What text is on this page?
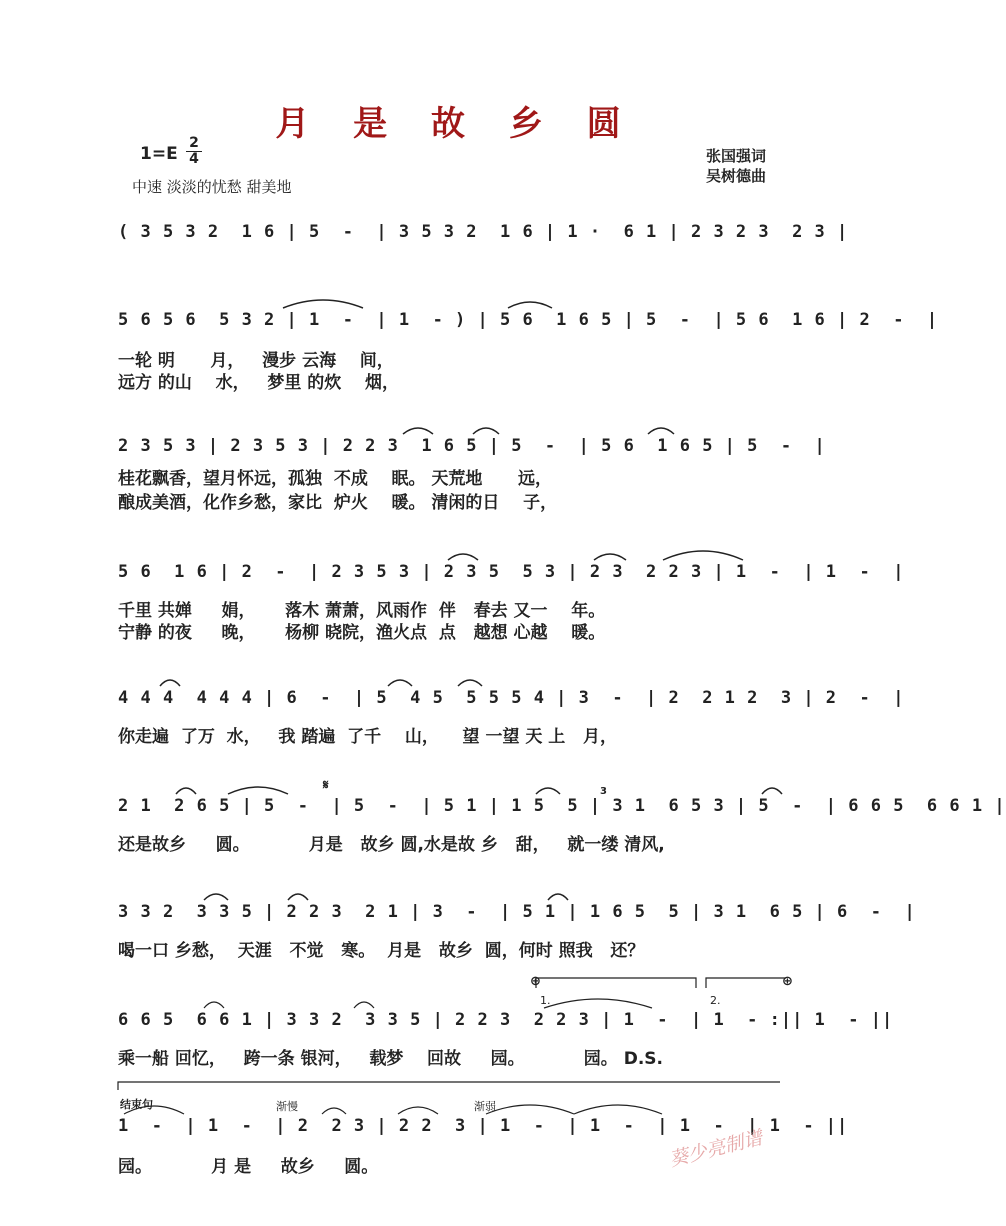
月 是 故 乡 圆
1=E
2
4
中速 淡淡的忧愁 甜美地
张国强词
吴树德曲
( 3 5 3 2  1 6 | 5  -  | 3 5 3 2  1 6 | 1 ·  6 1 | 2 3 2 3  2 3 |
5 6 5 6  5 3 2 | 1  -  | 1  - ) | 5 6  1 6 5 | 5  -  | 5 6  1 6 | 2  -  |
一轮 明      月，   漫步 云海    间，
远方 的山    水，   梦里 的炊    烟，
2 3 5 3 | 2 3 5 3 | 2 2 3  1 6 5 | 5  -  | 5 6  1 6 5 | 5  -  |
桂花飘香，望月怀远，孤独  不成    眠。 天荒地      远，
酿成美酒，化作乡愁，家比  炉火    暖。 清闲的日    子，
5 6  1 6 | 2  -  | 2 3 5 3 | 2 3 5  5 3 | 2 3  2 2 3 | 1  -  | 1  -  |
千里 共婵     娟，     落木 萧萧，风雨作  伴   春去 又一    年。
宁静 的夜     晚，     杨柳 晓院，渔火点  点   越想 心越    暖。
4 4 4  4 4 4 | 6  -  | 5  4 5  5 5 5 4 | 3  -  | 2  2 1 2  3 | 2  -  |
你走遍  了万  水，   我 踏遍  了千    山，    望 一望 天 上   月，
2 1  2 6 5 | 5  -  | 5  -  | 5 1 | 1 5  5 | 3 1  6 5 3 | 5  -  | 6 6 5  6 6 1 |
𝄋	3
还是故乡     圆。          月是   故乡 圆,水是故 乡   甜，   就一缕 清风,
3 3 2  3 3 5 | 2 2 3  2 1 | 3  -  | 5 1 | 1 6 5  5 | 3 1  6 5 | 6  -  |
喝一口 乡愁，  天涯   不觉   寒。  月是   故乡  圆，何时 照我   还？
6 6 5  6 6 1 | 3 3 2  3 3 5 | 2 2 3  2 2 3 | 1  -  | 1  - :|| 1  - ||
1.	2.
⊕	⊕
乘一船 回忆，   跨一条 银河，   载梦    回故     园。          园。 D.S.
1  -  | 1  -  | 2  2 3 | 2 2  3 | 1  -  | 1  -  | 1  -  | 1  - ||
结束句	渐慢	渐弱
园。          月 是     故乡     圆。	葵少亮制谱
